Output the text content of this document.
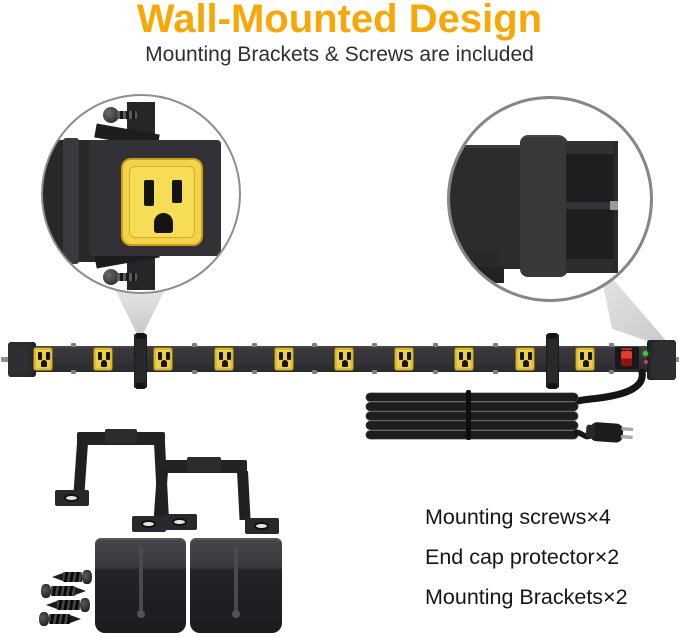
Wall-Mounted Design
Mounting Brackets & Screws are included
Mounting screws×4
End cap protector×2
Mounting Brackets×2
